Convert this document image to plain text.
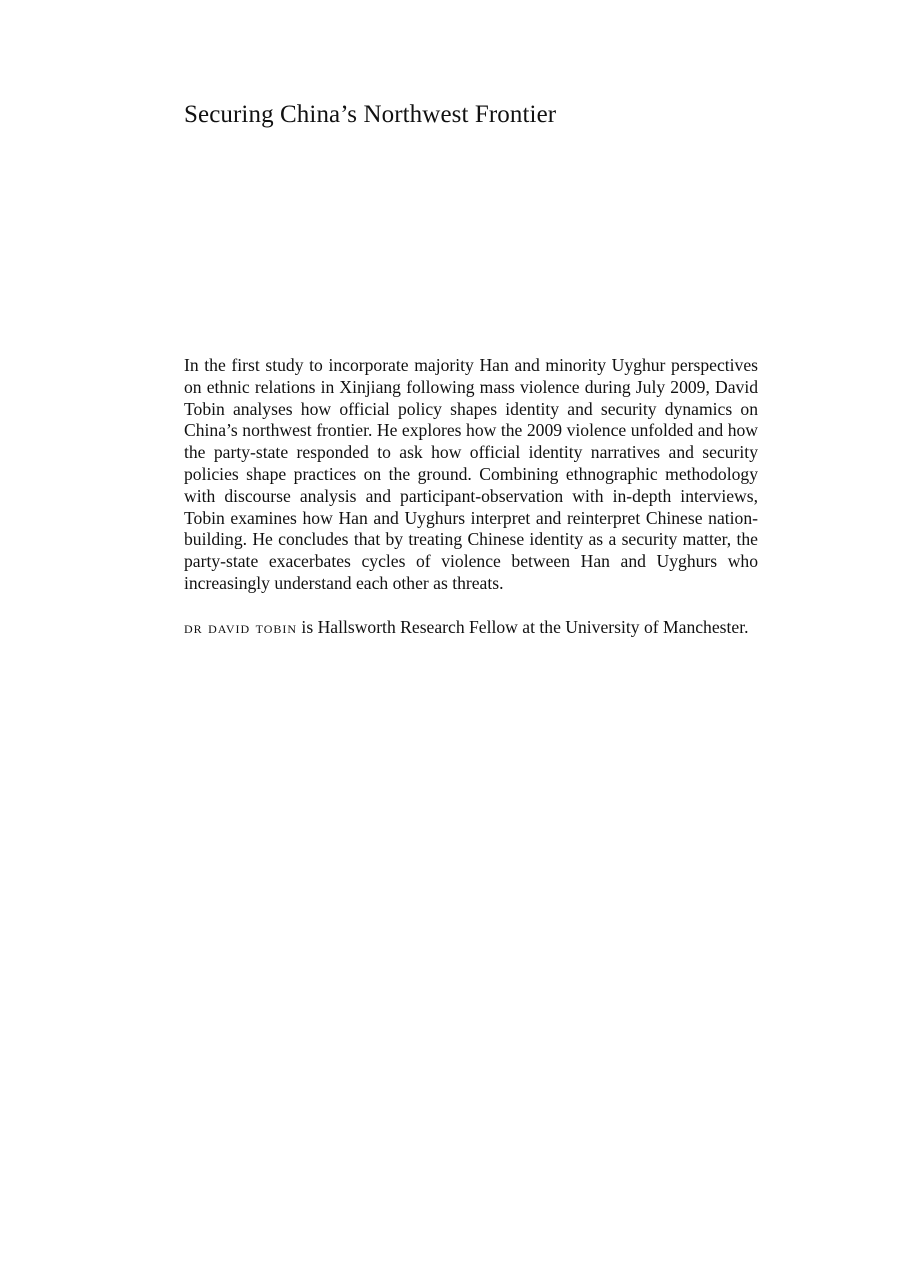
Securing China’s Northwest Frontier

In the first study to incorporate majority Han and minority Uyghur perspectives on ethnic relations in Xinjiang following mass violence during July 2009, David Tobin analyses how official policy shapes identity and security dynamics on China’s northwest frontier. He explores how the 2009 violence unfolded and how the party-state responded to ask how official identity narratives and security policies shape practices on the ground. Combining ethnographic methodology with discourse analysis and participant-observation with in-depth interviews, Tobin examines how Han and Uyghurs interpret and reinterpret Chinese nation-building. He concludes that by treating Chinese identity as a security matter, the party-state exacerbates cycles of violence between Han and Uyghurs who increasingly understand each other as threats.

dr david tobin is Hallsworth Research Fellow at the University of Manchester.
